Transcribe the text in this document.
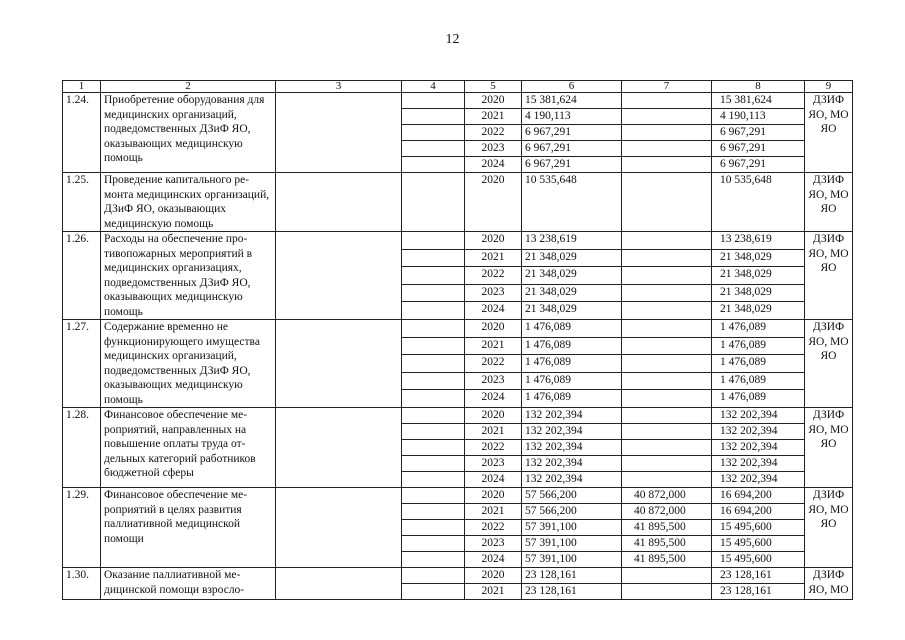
12
1	2	3	4	5	6	7	8	9
1.24.	Приобретение оборудования для медицинских организаций, подведомственных ДЗиФ ЯО, оказывающих медицинскую помощь			2020	15 381,624		15 381,624	ДЗИФ ЯО, МО ЯО
				2021	4 190,113		4 190,113	
				2022	6 967,291		6 967,291	
				2023	6 967,291		6 967,291	
				2024	6 967,291		6 967,291	
1.25.	Проведение капитального ремонта медицинских организаций, ДЗиФ ЯО, оказывающих медицинскую помощь			2020	10 535,648		10 535,648	ДЗИФ ЯО, МО ЯО
1.26.	Расходы на обеспечение противопожарных мероприятий в медицинских организациях, подведомственных ДЗиФ ЯО, оказывающих медицинскую помощь			2020	13 238,619		13 238,619	ДЗИФ ЯО, МО ЯО
				2021	21 348,029		21 348,029	
				2022	21 348,029		21 348,029	
				2023	21 348,029		21 348,029	
				2024	21 348,029		21 348,029	
1.27.	Содержание временно не функционирующего имущества медицинских организаций, подведомственных ДЗиФ ЯО, оказывающих медицинскую помощь			2020	1 476,089		1 476,089	ДЗИФ ЯО, МО ЯО
				2021	1 476,089		1 476,089	
				2022	1 476,089		1 476,089	
				2023	1 476,089		1 476,089	
				2024	1 476,089		1 476,089	
1.28.	Финансовое обеспечение мероприятий, направленных на повышение оплаты труда отдельных категорий работников бюджетной сферы			2020	132 202,394		132 202,394	ДЗИФ ЯО, МО ЯО
				2021	132 202,394		132 202,394	
				2022	132 202,394		132 202,394	
				2023	132 202,394		132 202,394	
				2024	132 202,394		132 202,394	
1.29.	Финансовое обеспечение мероприятий в целях развития паллиативной медицинской помощи			2020	57 566,200	40 872,000	16 694,200	ДЗИФ ЯО, МО ЯО
				2021	57 566,200	40 872,000	16 694,200	
				2022	57 391,100	41 895,500	15 495,600	
				2023	57 391,100	41 895,500	15 495,600	
				2024	57 391,100	41 895,500	15 495,600	
1.30.	Оказание паллиативной медицинской помощи взросло-			2020	23 128,161		23 128,161	ДЗИФ ЯО, МО
				2021	23 128,161		23 128,161	
